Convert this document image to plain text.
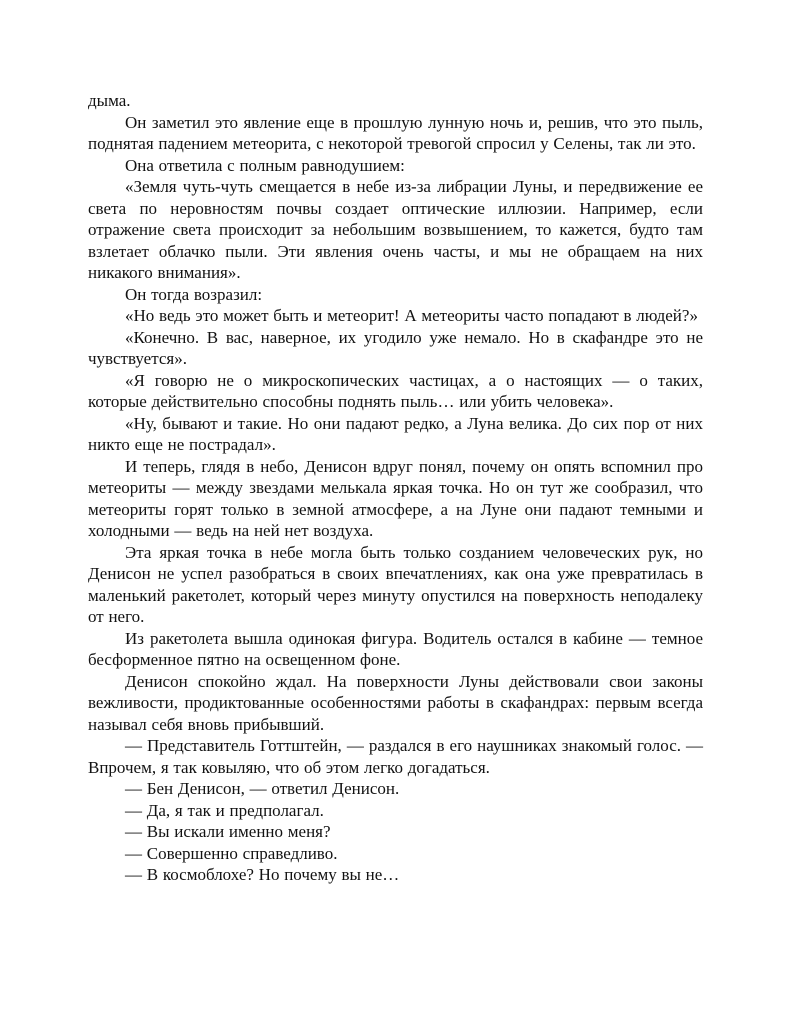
дыма.

Он заметил это явление еще в прошлую лунную ночь и, решив, что это пыль, поднятая падением метеорита, с некоторой тревогой спросил у Селены, так ли это.

Она ответила с полным равнодушием:

«Земля чуть-чуть смещается в небе из-за либрации Луны, и передвижение ее света по неровностям почвы создает оптические иллюзии. Например, если отражение света происходит за небольшим возвышением, то кажется, будто там взлетает облачко пыли. Эти явления очень часты, и мы не обращаем на них никакого внимания».

Он тогда возразил:

«Но ведь это может быть и метеорит! А метеориты часто попадают в людей?»

«Конечно. В вас, наверное, их угодило уже немало. Но в скафандре это не чувствуется».

«Я говорю не о микроскопических частицах, а о настоящих — о таких, которые действительно способны поднять пыль… или убить человека».

«Ну, бывают и такие. Но они падают редко, а Луна велика. До сих пор от них никто еще не пострадал».

И теперь, глядя в небо, Денисон вдруг понял, почему он опять вспомнил про метеориты — между звездами мелькала яркая точка. Но он тут же сообразил, что метеориты горят только в земной атмосфере, а на Луне они падают темными и холодными — ведь на ней нет воздуха.

Эта яркая точка в небе могла быть только созданием человеческих рук, но Денисон не успел разобраться в своих впечатлениях, как она уже превратилась в маленький ракетолет, который через минуту опустился на поверхность неподалеку от него.

Из ракетолета вышла одинокая фигура. Водитель остался в кабине — темное бесформенное пятно на освещенном фоне.

Денисон спокойно ждал. На поверхности Луны действовали свои законы вежливости, продиктованные особенностями работы в скафандрах: первым всегда называл себя вновь прибывший.

— Представитель Готтштейн, — раздался в его наушниках знакомый голос. — Впрочем, я так ковыляю, что об этом легко догадаться.

— Бен Денисон, — ответил Денисон.

— Да, я так и предполагал.

— Вы искали именно меня?

— Совершенно справедливо.

— В космоблохе? Но почему вы не…
